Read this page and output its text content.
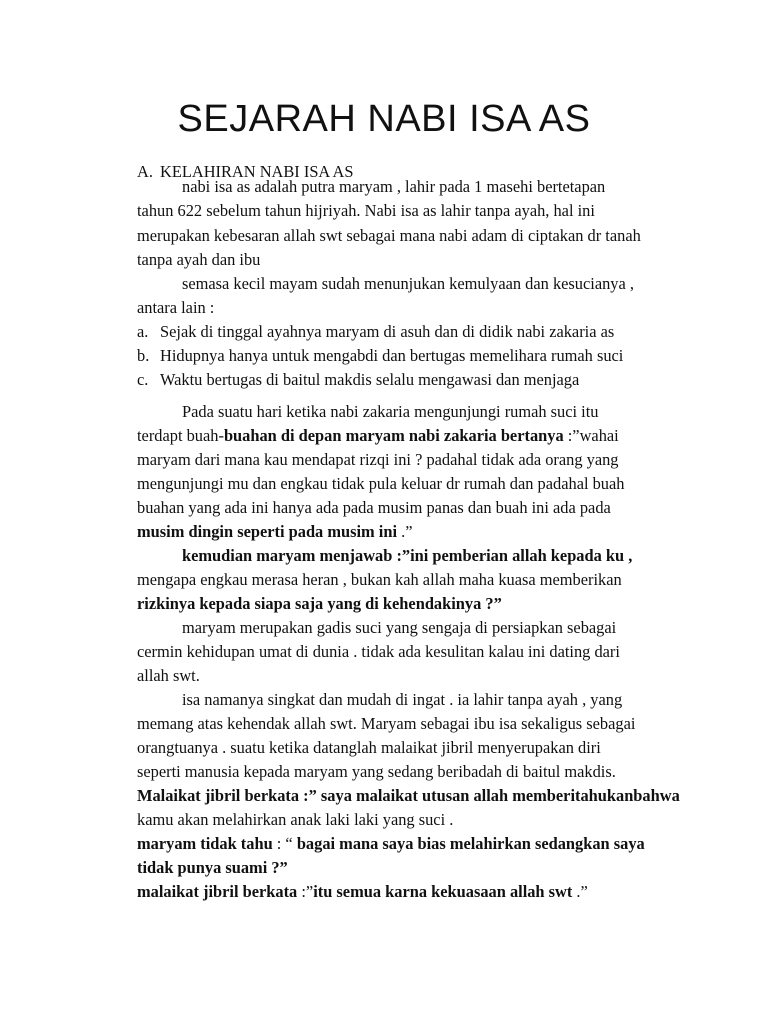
SEJARAH NABI ISA AS
A. KELAHIRAN NABI ISA AS
nabi isa as adalah putra maryam , lahir pada 1 masehi bertetapan
tahun 622 sebelum tahun hijriyah. Nabi isa as lahir tanpa ayah, hal ini
merupakan kebesaran allah swt sebagai mana nabi adam di ciptakan dr tanah
tanpa ayah dan ibu
semasa kecil mayam sudah menunjukan kemulyaan dan kesucianya ,
antara lain :
a. Sejak di tinggal ayahnya maryam di asuh dan di didik nabi zakaria as
b. Hidupnya hanya untuk mengabdi dan bertugas memelihara rumah suci
c. Waktu bertugas di baitul makdis selalu mengawasi dan menjaga
Pada suatu hari ketika nabi zakaria mengunjungi rumah suci itu
terdapt buah-buahan di depan maryam nabi zakaria bertanya :”wahai
maryam dari mana kau mendapat rizqi ini ? padahal tidak ada orang yang
mengunjungi mu dan engkau tidak pula keluar dr rumah dan padahal buah
buahan yang ada ini hanya ada pada musim panas dan buah ini ada pada
musim dingin seperti pada musim ini .”
kemudian maryam menjawab :”ini pemberian allah kepada ku ,
mengapa engkau merasa heran , bukan kah allah maha kuasa memberikan
rizkinya kepada siapa saja yang di kehendakinya ?”
maryam merupakan gadis suci yang sengaja di persiapkan sebagai
cermin kehidupan umat di dunia . tidak ada kesulitan kalau ini dating dari
allah swt.
isa namanya singkat dan mudah di ingat . ia lahir tanpa ayah , yang
memang atas kehendak allah swt. Maryam sebagai ibu isa sekaligus sebagai
orangtuanya . suatu ketika datanglah malaikat jibril menyerupakan diri
seperti manusia kepada maryam yang sedang beribadah di baitul makdis.
Malaikat jibril berkata :” saya malaikat utusan allah memberitahukanbahwa
kamu akan melahirkan anak laki laki yang suci .
maryam tidak tahu : “ bagai mana saya bias melahirkan sedangkan saya
tidak punya suami ?”
malaikat jibril berkata :”itu semua karna kekuasaan allah swt .”
